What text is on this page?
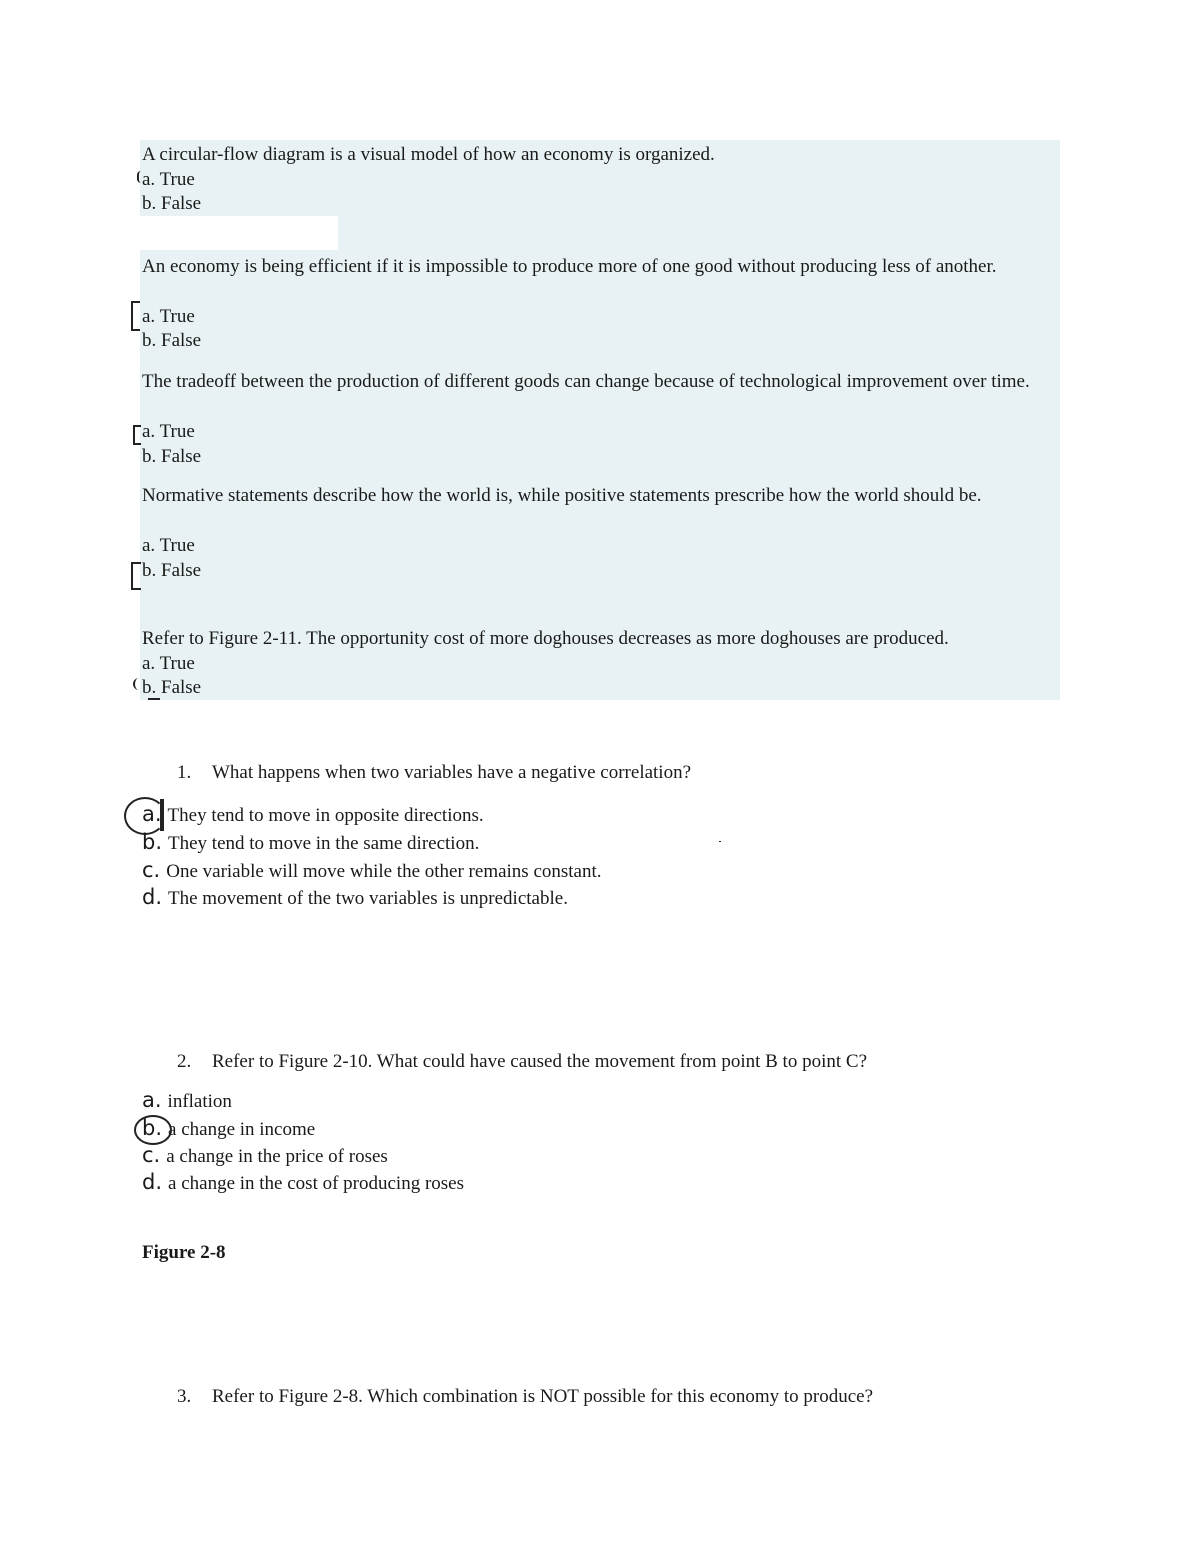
A circular-flow diagram is a visual model of how an economy is organized.
a. True
b. False
An economy is being efficient if it is impossible to produce more of one good without producing less of another.
a. True
b. False
The tradeoff between the production of different goods can change because of technological improvement over time.
a. True
b. False
Normative statements describe how the world is, while positive statements prescribe how the world should be.
a. True
b. False
Refer to Figure 2-11. The opportunity cost of more doghouses decreases as more doghouses are produced.
a. True
b. False
1. What happens when two variables have a negative correlation?
a. They tend to move in opposite directions.
b. They tend to move in the same direction.
c. One variable will move while the other remains constant.
d. The movement of the two variables is unpredictable.
2. Refer to Figure 2-10. What could have caused the movement from point B to point C?
a. inflation
b. a change in income
c. a change in the price of roses
d. a change in the cost of producing roses
Figure 2-8
3. Refer to Figure 2-8. Which combination is NOT possible for this economy to produce?
